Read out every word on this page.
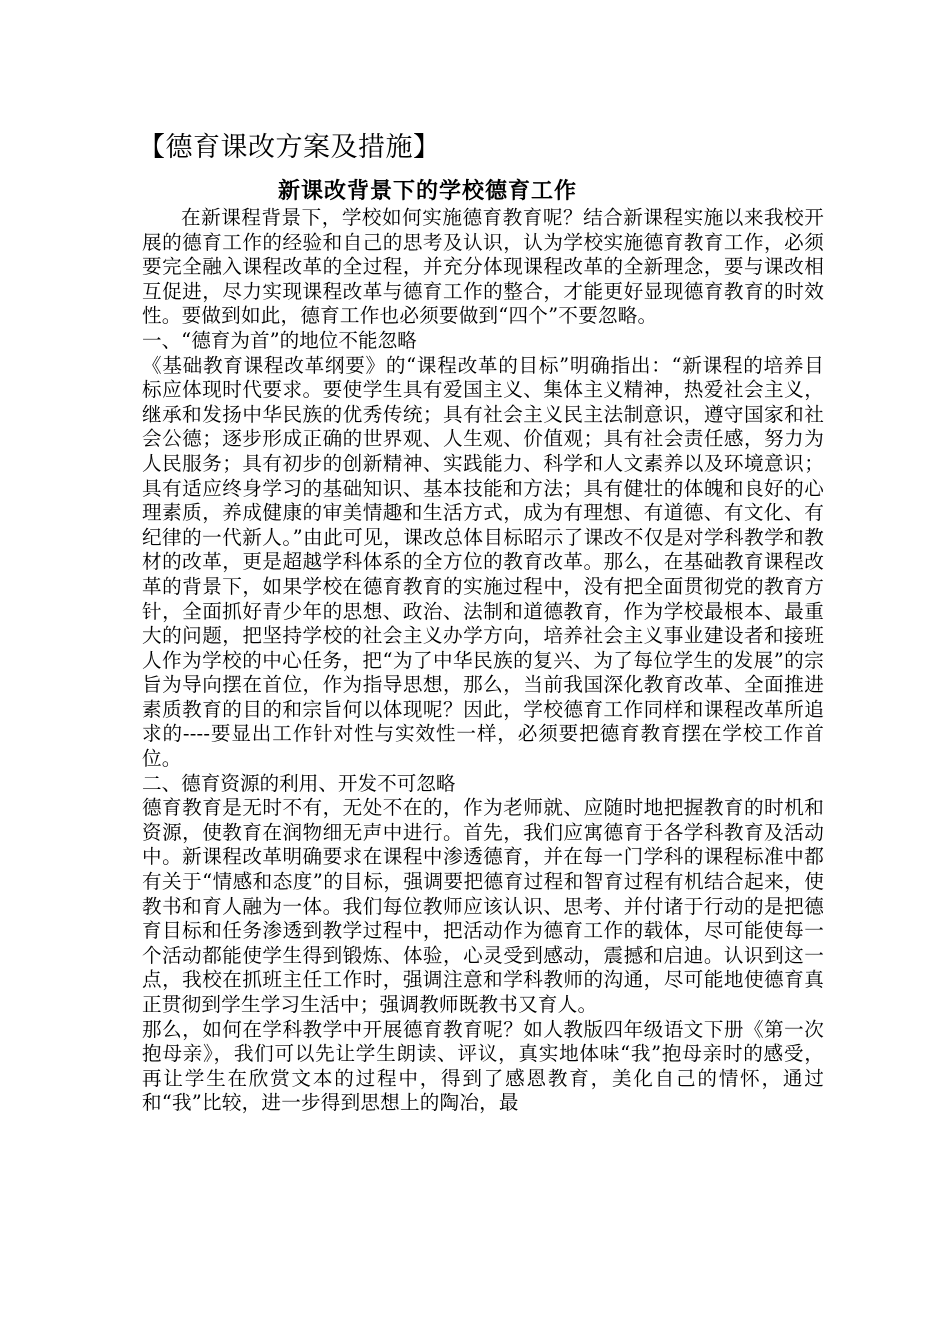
【德育课改方案及措施】
新课改背景下的学校德育工作

在新课程背景下，学校如何实施德育教育呢？结合新课程实施以来我校开展的德育工作的经验和自己的思考及认识，认为学校实施德育教育工作，必须要完全融入课程改革的全过程，并充分体现课程改革的全新理念，要与课改相互促进，尽力实现课程改革与德育工作的整合，才能更好显现德育教育的时效性。要做到如此，德育工作也必须要做到“四个”不要忽略。

一、“德育为首”的地位不能忽略

《基础教育课程改革纲要》的“课程改革的目标”明确指出：“新课程的培养目标应体现时代要求。要使学生具有爱国主义、集体主义精神，热爱社会主义，继承和发扬中华民族的优秀传统；具有社会主义民主法制意识，遵守国家和社会公德；逐步形成正确的世界观、人生观、价值观；具有社会责任感，努力为人民服务；具有初步的创新精神、实践能力、科学和人文素养以及环境意识；具有适应终身学习的基础知识、基本技能和方法；具有健壮的体魄和良好的心理素质，养成健康的审美情趣和生活方式，成为有理想、有道德、有文化、有纪律的一代新人。”由此可见，课改总体目标昭示了课改不仅是对学科教学和教材的改革，更是超越学科体系的全方位的教育改革。那么，在基础教育课程改革的背景下，如果学校在德育教育的实施过程中，没有把全面贯彻党的教育方针，全面抓好青少年的思想、政治、法制和道德教育，作为学校最根本、最重大的问题，把坚持学校的社会主义办学方向，培养社会主义事业建设者和接班人作为学校的中心任务，把“为了中华民族的复兴、为了每位学生的发展”的宗旨为导向摆在首位，作为指导思想，那么，当前我国深化教育改革、全面推进素质教育的目的和宗旨何以体现呢？因此，学校德育工作同样和课程改革所追求的----要显出工作针对性与实效性一样，必须要把德育教育摆在学校工作首位。

二、德育资源的利用、开发不可忽略

德育教育是无时不有，无处不在的，作为老师就、应随时地把握教育的时机和资源，使教育在润物细无声中进行。首先，我们应寓德育于各学科教育及活动中。新课程改革明确要求在课程中渗透德育，并在每一门学科的课程标准中都有关于“情感和态度”的目标，强调要把德育过程和智育过程有机结合起来，使教书和育人融为一体。我们每位教师应该认识、思考、并付诸于行动的是把德育目标和任务渗透到教学过程中，把活动作为德育工作的载体，尽可能使每一个活动都能使学生得到锻炼、体验，心灵受到感动，震撼和启迪。认识到这一点，我校在抓班主任工作时，强调注意和学科教师的沟通，尽可能地使德育真正贯彻到学生学习生活中；强调教师既教书又育人。

那么，如何在学科教学中开展德育教育呢？如人教版四年级语文下册《第一次抱母亲》，我们可以先让学生朗读、评议，真实地体味“我”抱母亲时的感受，再让学生在欣赏文本的过程中，得到了感恩教育，美化自己的情怀，通过和“我”比较，进一步得到思想上的陶冶，最
